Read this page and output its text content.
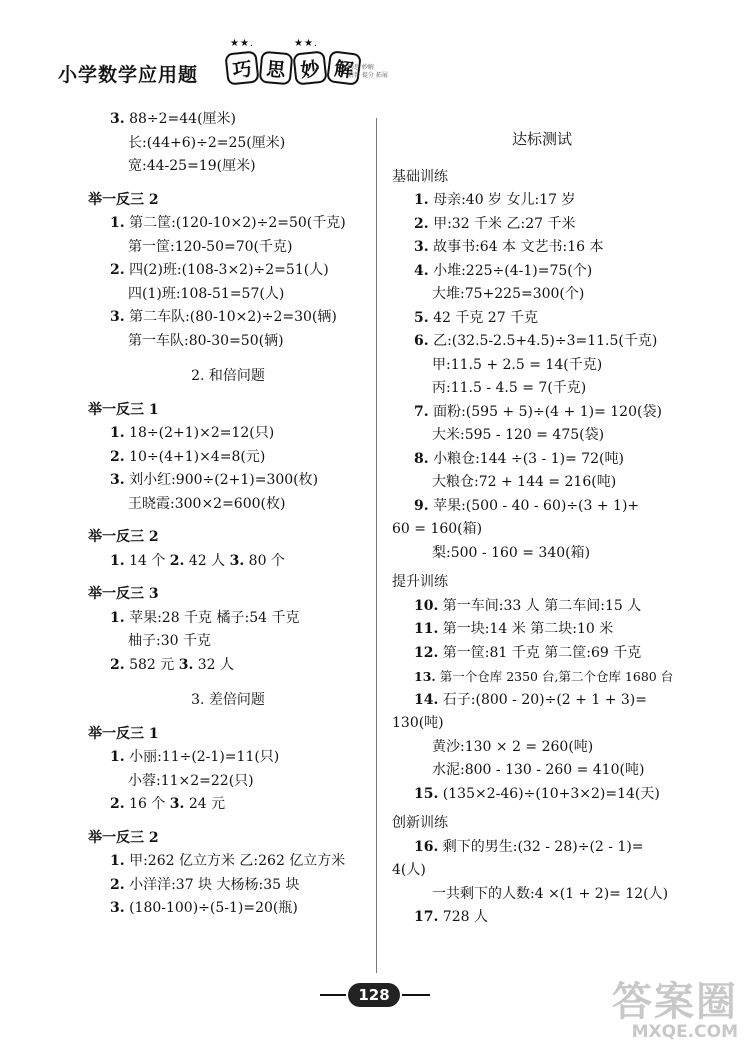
★★.	★★.
小学数学应用题	巧 思 妙 解
巧思 妙解
启智 提分 拓展
3. 88÷2=44(厘米)
长:(44+6)÷2=25(厘米)
宽:44-25=19(厘米)
举一反三 2
1. 第二筐:(120-10×2)÷2=50(千克)
第一筐:120-50=70(千克)
2. 四(2)班:(108-3×2)÷2=51(人)
四(1)班:108-51=57(人)
3. 第二车队:(80-10×2)÷2=30(辆)
第一车队:80-30=50(辆)
2. 和倍问题
举一反三 1
1. 18÷(2+1)×2=12(只)
2. 10÷(4+1)×4=8(元)
3. 刘小红:900÷(2+1)=300(枚)
王晓霞:300×2=600(枚)
举一反三 2
1. 14 个 2. 42 人 3. 80 个
举一反三 3
1. 苹果:28 千克 橘子:54 千克
柚子:30 千克
2. 582 元 3. 32 人
3. 差倍问题
举一反三 1
1. 小丽:11÷(2-1)=11(只)
小蓉:11×2=22(只)
2. 16 个 3. 24 元
举一反三 2
1. 甲:262 亿立方米 乙:262 亿立方米
2. 小洋洋:37 块 大杨杨:35 块
3. (180-100)÷(5-1)=20(瓶)
达标测试
基础训练
1. 母亲:40 岁 女儿:17 岁
2. 甲:32 千米 乙:27 千米
3. 故事书:64 本 文艺书:16 本
4. 小堆:225÷(4-1)=75(个)
大堆:75+225=300(个)
5. 42 千克 27 千克
6. 乙:(32.5-2.5+4.5)÷3=11.5(千克)
甲:11.5 + 2.5 = 14(千克)
丙:11.5 - 4.5 = 7(千克)
7. 面粉:(595 + 5)÷(4 + 1)= 120(袋)
大米:595 - 120 = 475(袋)
8. 小粮仓:144 ÷(3 - 1)= 72(吨)
大粮仓:72 + 144 = 216(吨)
9. 苹果:(500 - 40 - 60)÷(3 + 1)+
60 = 160(箱)
梨:500 - 160 = 340(箱)
提升训练
10. 第一车间:33 人 第二车间:15 人
11. 第一块:14 米 第二块:10 米
12. 第一筐:81 千克 第二筐:69 千克
13. 第一个仓库 2350 台,第二个仓库 1680 台
14. 石子:(800 - 20)÷(2 + 1 + 3)=
130(吨)
黄沙:130 × 2 = 260(吨)
水泥:800 - 130 - 260 = 410(吨)
15. (135×2-46)÷(10+3×2)=14(天)
创新训练
16. 剩下的男生:(32 - 28)÷(2 - 1)=
4(人)
一共剩下的人数:4 ×(1 + 2)= 12(人)
17. 728 人
128	答案圈
MXQE.COM
